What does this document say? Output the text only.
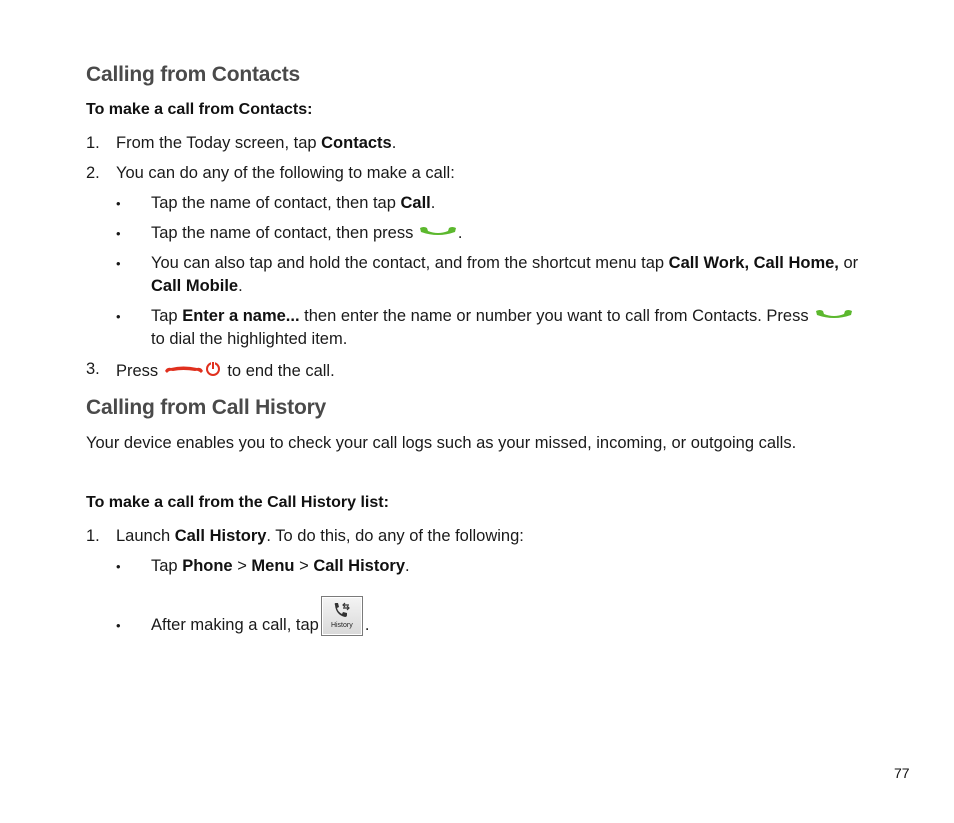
Calling from Contacts
To make a call from Contacts:
1. From the Today screen, tap Contacts.
2. You can do any of the following to make a call:
• Tap the name of contact, then tap Call.
• Tap the name of contact, then press .
• You can also tap and hold the contact, and from the shortcut menu tap Call Work, Call Home, or
Call Mobile.
• Tap Enter a name... then enter the name or number you want to call from Contacts. Press
to dial the highlighted item.
3. Press	to end the call.
Calling from Call History
Your device enables you to check your call logs such as your missed, incoming, or outgoing calls.
To make a call from the Call History list:
1. Launch Call History. To do this, do any of the following:
• Tap Phone > Menu > Call History.
• After making a call, tap	History .
77
